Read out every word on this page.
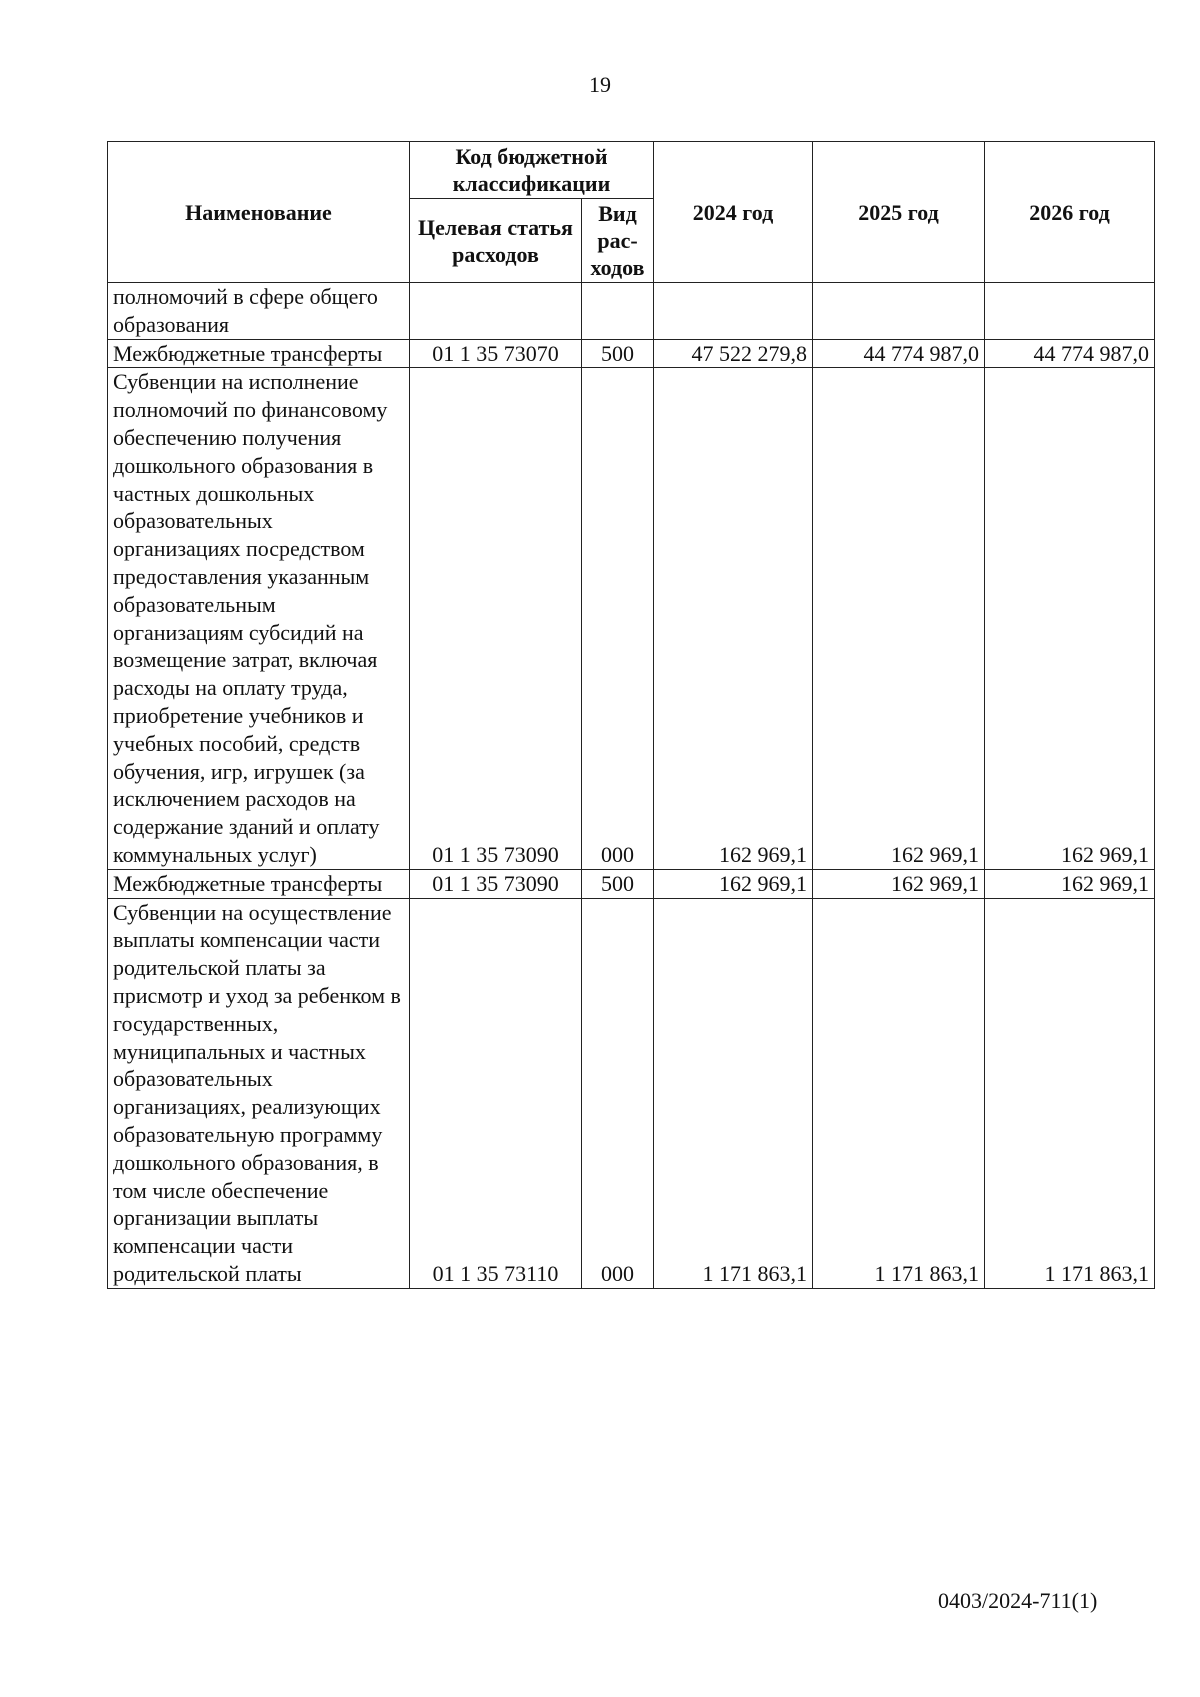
19
Наименование	Код бюджетной классификации		2024 год	2025 год	2026 год
	Целевая статья расходов	Вид рас-ходов			
полномочий в сфере общего образования					
Межбюджетные трансферты	01 1 35 73070	500	47 522 279,8	44 774 987,0	44 774 987,0
Субвенции на исполнение полномочий по финансовому обеспечению получения дошкольного образования в частных дошкольных образовательных организациях посредством предоставления указанным образовательным организациям субсидий на возмещение затрат, включая расходы на оплату труда, приобретение учебников и учебных пособий, средств обучения, игр, игрушек (за исключением расходов на содержание зданий и оплату коммунальных услуг)	01 1 35 73090	000	162 969,1	162 969,1	162 969,1
Межбюджетные трансферты	01 1 35 73090	500	162 969,1	162 969,1	162 969,1
Субвенции на осуществление выплаты компенсации части родительской платы за присмотр и уход за ребенком в государственных, муниципальных и частных образовательных организациях, реализующих образовательную программу дошкольного образования, в том числе обеспечение организации выплаты компенсации части родительской платы	01 1 35 73110	000	1 171 863,1	1 171 863,1	1 171 863,1
0403/2024-711(1)
